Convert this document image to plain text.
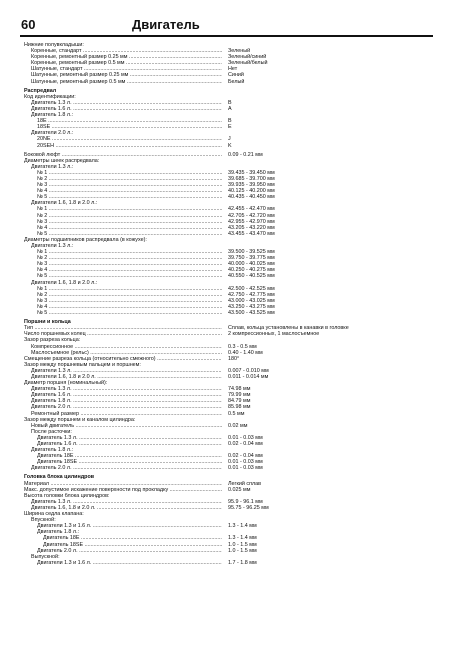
60	Двигатель
Нижние полувкладыши:
Коренные, стандарт .....	Зеленый
Коренные, ремонтный размер 0.25 мм .....	Зеленый/синий
Коренные, ремонтный размер 0.5 мм .....	Зеленый/белый
Шатунные, стандарт .....	Нет
Шатунные, ремонтный размер 0.25 мм .....	Синий
Шатунные, ремонтный размер 0.5 мм .....	Белый
Распредвал
Код идентификации:
Двигатель 1.3 л. .....	B
Двигатель 1.6 л. .....	A
Двигатель 1.8 л.:
18E .....	B
18SE .....	E
Двигатели 2.0 л.:
20NE .....	J
20SEH .....	K
Боковой люфт .....	0.09 - 0.21 мм
Диаметры шеек распредвала:
Двигатели 1.3 л.:
№ 1 .....	39.435 - 39.450 мм
№ 2 .....	39.685 - 39.700 мм
№ 3 .....	39.935 - 39.950 мм
№ 4 .....	40.125 - 40.200 мм
№ 5 .....	40.435 - 40.450 мм
Двигатели 1.6, 1.8 и 2.0 л.:
№ 1 .....	42.455 - 42.470 мм
№ 2 .....	42.705 - 42.720 мм
№ 3 .....	42.955 - 42.970 мм
№ 4 .....	43.205 - 43.220 мм
№ 5 .....	43.455 - 43.470 мм
Диаметры подшипников распредвала (в кожухе):
Двигатели 1.3 л.:
№ 1 .....	39.500 - 39.525 мм
№ 2 .....	39.750 - 39.775 мм
№ 3 .....	40.000 - 40.025 мм
№ 4 .....	40.250 - 40.275 мм
№ 5 .....	40.550 - 40.525 мм
Двигатели 1.6, 1.8 и 2.0 л.:
№ 1 .....	42.500 - 42.525 мм
№ 2 .....	42.750 - 42.775 мм
№ 3 .....	43.000 - 43.025 мм
№ 4 .....	43.250 - 43.275 мм
№ 5 .....	43.500 - 43.525 мм
Поршни и кольца
Тип .....	Сплав, кольца установлены в канавки в головке
Число поршневых колец .....	2 компрессионных, 1 маслосъемное
Зазор разреза кольца:
Компрессионное .....	0.3 - 0.5 мм
Маслосъемное (рельс) .....	0.40 - 1.40 мм
Смещение разреза кольца (относительно смежного) .....	180°
Зазор между поршневым пальцем и поршнем:
Двигатели 1.3 л. .....	0.007 - 0.010 мм
Двигатели 1.6, 1.8 и 2.0 л. .....	0.011 - 0.014 мм
Диаметр поршня (номинальный):
Двигатель 1.3 л. .....	74.98 мм
Двигатель 1.6 л. .....	79.99 мм
Двигатель 1.8 л. .....	84.79 мм
Двигатель 2.0 л. .....	85.98 мм
Ремонтный размер .....	0.5 мм
Зазор между поршнем и каналом цилиндра:
Новый двигатель .....	0.02 мм
После расточки:
Двигатель 1.3 л. .....	0.01 - 0.03 мм
Двигатель 1.6 л. .....	0.02 - 0.04 мм
Двигатель 1.8 л.:
Двигатель 18E .....	0.02 - 0.04 мм
Двигатель 18SE .....	0.01 - 0.03 мм
Двигатель 2.0 л. .....	0.01 - 0.03 мм
Головка блока цилиндров
Материал .....	Легкий сплав
Макс. допустимое искажение поверхности под прокладку .....	0.025 мм
Высота головки блока цилиндров:
Двигатель 1.3 л. .....	95.9 - 96.1 мм
Двигатель 1.6, 1.8 и 2.0 л. .....	95.75 - 96.25 мм
Ширина седла клапана:
Впускной:
Двигатели 1.3 и 1.6 л. .....	1.3 - 1.4 мм
Двигатель 1.8 л.:
Двигатель 18E .....	1.3 - 1.4 мм
Двигатель 18SE .....	1.0 - 1.5 мм
Двигатель 2.0 л. .....	1.0 - 1.5 мм
Выпускной:
Двигатели 1.3 и 1.6 л. .....	1.7 - 1.8 мм
